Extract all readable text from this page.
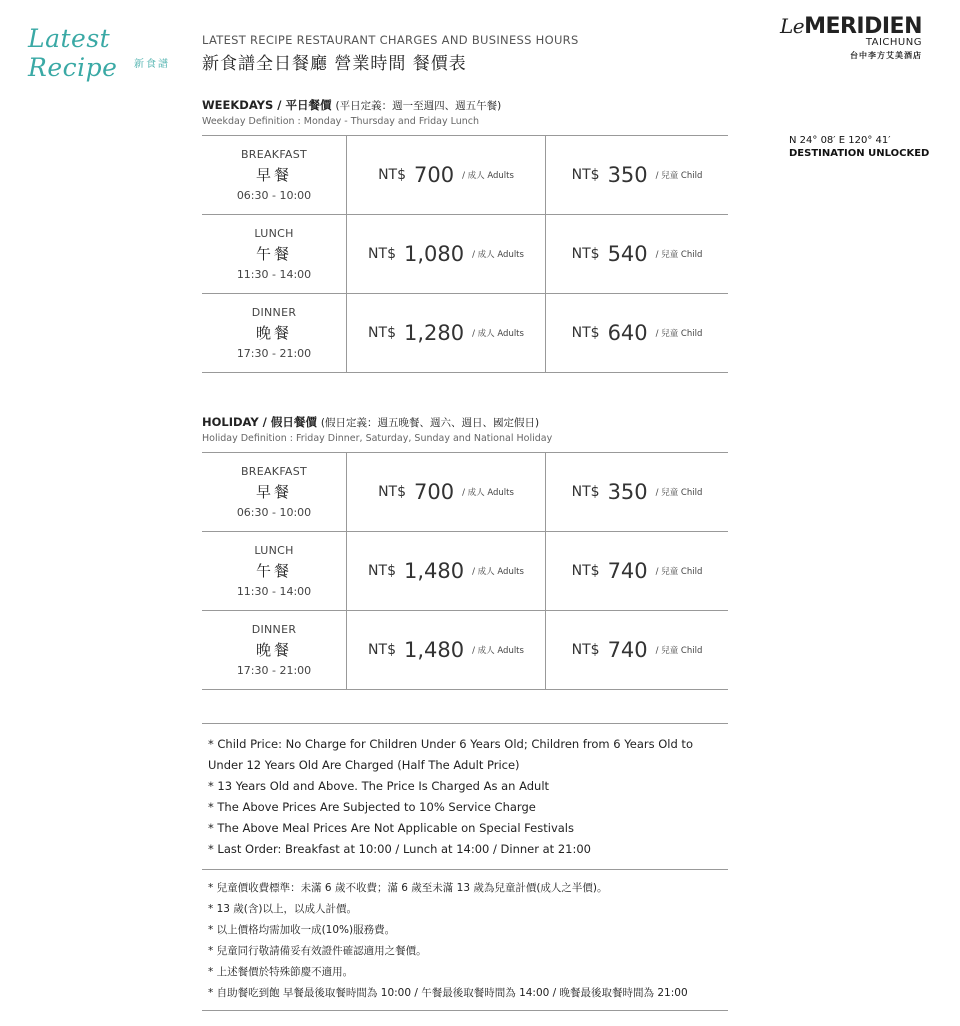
Latest Recipe	新食譜
LATEST RECIPE RESTAURANT CHARGES AND BUSINESS HOURS
新食譜全日餐廳 營業時間 餐價表
LeMERIDIEN
TAICHUNG
台中李方艾美酒店
N 24° 08′ E 120° 41′
DESTINATION UNLOCKED
WEEKDAYS / 平日餐價 (平日定義：週一至週四、週五午餐)
Weekday Definition : Monday - Thursday and Friday Lunch
BREAKFAST
早餐
06:30 - 10:00
NT$ 700 / 成人 Adults	NT$ 350 / 兒童 Child
LUNCH
午餐
11:30 - 14:00
NT$ 1,080 / 成人 Adults	NT$ 540 / 兒童 Child
DINNER
晚餐
17:30 - 21:00
NT$ 1,280 / 成人 Adults	NT$ 640 / 兒童 Child
HOLIDAY / 假日餐價 (假日定義：週五晚餐、週六、週日、國定假日)
Holiday Definition : Friday Dinner, Saturday, Sunday and National Holiday
BREAKFAST
早餐
06:30 - 10:00
NT$ 700 / 成人 Adults	NT$ 350 / 兒童 Child
LUNCH
午餐
11:30 - 14:00
NT$ 1,480 / 成人 Adults	NT$ 740 / 兒童 Child
DINNER
晚餐
17:30 - 21:00
NT$ 1,480 / 成人 Adults	NT$ 740 / 兒童 Child
* Child Price: No Charge for Children Under 6 Years Old; Children from 6 Years Old to
Under 12 Years Old Are Charged (Half The Adult Price)
* 13 Years Old and Above. The Price Is Charged As an Adult
* The Above Prices Are Subjected to 10% Service Charge
* The Above Meal Prices Are Not Applicable on Special Festivals
* Last Order: Breakfast at 10:00 / Lunch at 14:00 / Dinner at 21:00
* 兒童價收費標準：未滿 6 歲不收費；滿 6 歲至未滿 13 歲為兒童計價(成人之半價)。
* 13 歲(含)以上，以成人計價。
* 以上價格均需加收一成(10%)服務費。
* 兒童同行敬請備妥有效證件確認適用之餐價。
* 上述餐價於特殊節慶不適用。
* 自助餐吃到飽 早餐最後取餐時間為 10:00 / 午餐最後取餐時間為 14:00 / 晚餐最後取餐時間為 21:00
